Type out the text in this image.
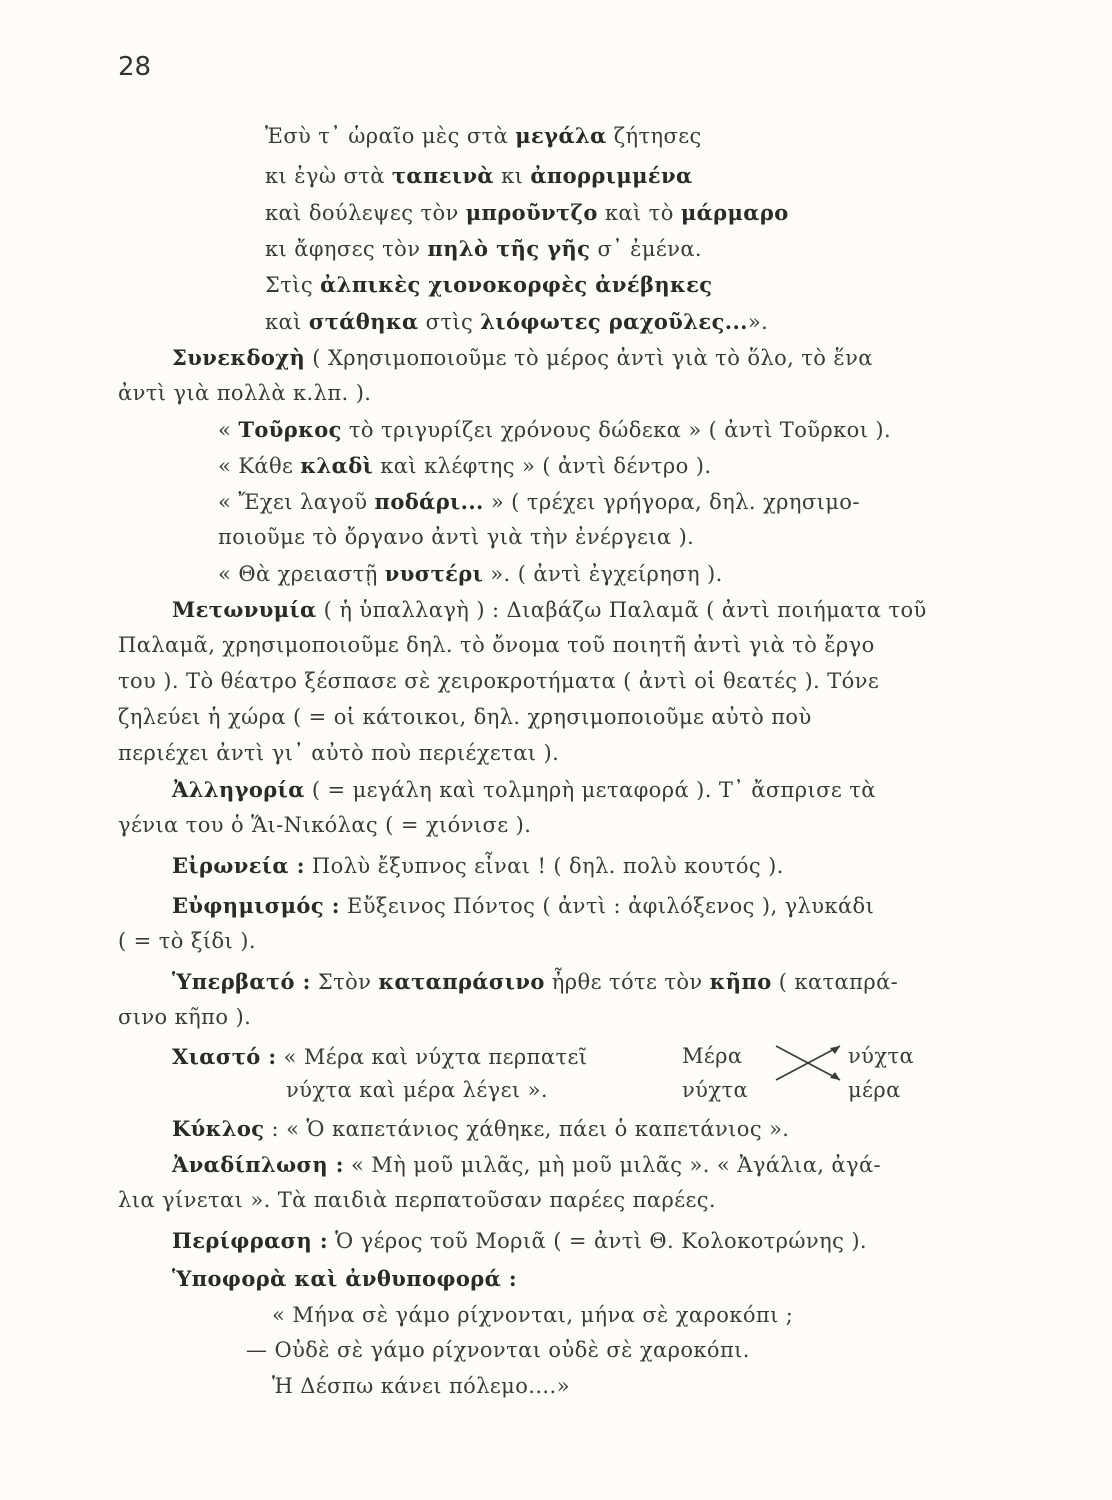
28
Ἐσὺ τ᾽ ὡραῖο μὲς στὰ μεγάλα ζήτησες
κι ἐγὼ στὰ ταπεινὰ κι ἀπορριμμένα
καὶ δούλεψες τὸν μπροῦντζο καὶ τὸ μάρμαρο
κι ἄφησες τὸν πηλὸ τῆς γῆς σ᾽ ἐμένα.
Στὶς ἀλπικὲς χιονοκορφὲς ἀνέβηκες
καὶ στάθηκα στὶς λιόφωτες ραχοῦλες...».
Συνεκδοχὴ ( Χρησιμοποιοῦμε τὸ μέρος ἀντὶ γιὰ τὸ ὅλο, τὸ ἕνα
ἀντὶ γιὰ πολλὰ κ.λπ. ).
« Τοῦρκος τὸ τριγυρίζει χρόνους δώδεκα » ( ἀντὶ Τοῦρκοι ).
« Κάθε κλαδὶ καὶ κλέφτης » ( ἀντὶ δέντρο ).
« Ἔχει λαγοῦ ποδάρι... » ( τρέχει γρήγορα, δηλ. χρησιμο-
ποιοῦμε τὸ ὄργανο ἀντὶ γιὰ τὴν ἐνέργεια ).
« Θὰ χρειαστῇ νυστέρι ». ( ἀντὶ ἐγχείρηση ).
Μετωνυμία ( ἡ ὑπαλλαγὴ ) : Διαβάζω Παλαμᾶ ( ἀντὶ ποιήματα τοῦ
Παλαμᾶ, χρησιμοποιοῦμε δηλ. τὸ ὄνομα τοῦ ποιητῆ ἀντὶ γιὰ τὸ ἔργο
του ). Τὸ θέατρο ξέσπασε σὲ χειροκροτήματα ( ἀντὶ οἱ θεατές ). Τόνε
ζηλεύει ἡ χώρα ( = οἱ κάτοικοι, δηλ. χρησιμοποιοῦμε αὐτὸ ποὺ
περιέχει ἀντὶ γι᾽ αὐτὸ ποὺ περιέχεται ).
Ἀλληγορία ( = μεγάλη καὶ τολμηρὴ μεταφορά ). Τ᾽ ἄσπρισε τὰ
γένια του ὁ Ἅι-Νικόλας ( = χιόνισε ).
Εἰρωνεία : Πολὺ ἔξυπνος εἶναι ! ( δηλ. πολὺ κουτός ).
Εὐφημισμός : Εὔξεινος Πόντος ( ἀντὶ : ἀφιλόξενος ), γλυκάδι
( = τὸ ξίδι ).
Ὑπερβατό : Στὸν καταπράσινο ἦρθε τότε τὸν κῆπο ( καταπρά-
σινο κῆπο ).
Χιαστό : « Μέρα καὶ νύχτα περπατεῖ
νύχτα καὶ μέρα λέγει ».
Μέρα
νύχτα
νύχτα
μέρα
Κύκλος : « Ὁ καπετάνιος χάθηκε, πάει ὁ καπετάνιος ».
Ἀναδίπλωση : « Μὴ μοῦ μιλᾶς, μὴ μοῦ μιλᾶς ». « Ἀγάλια, ἀγά-
λια γίνεται ». Τὰ παιδιὰ περπατοῦσαν παρέες παρέες.
Περίφραση : Ὁ γέρος τοῦ Μοριᾶ ( = ἀντὶ Θ. Κολοκοτρώνης ).
Ὑποφορὰ καὶ ἀνθυποφορά :
« Μήνα σὲ γάμο ρίχνονται, μήνα σὲ χαροκόπι ;
— Οὐδὲ σὲ γάμο ρίχνονται οὐδὲ σὲ χαροκόπι.
Ἡ Δέσπω κάνει πόλεμο....»
